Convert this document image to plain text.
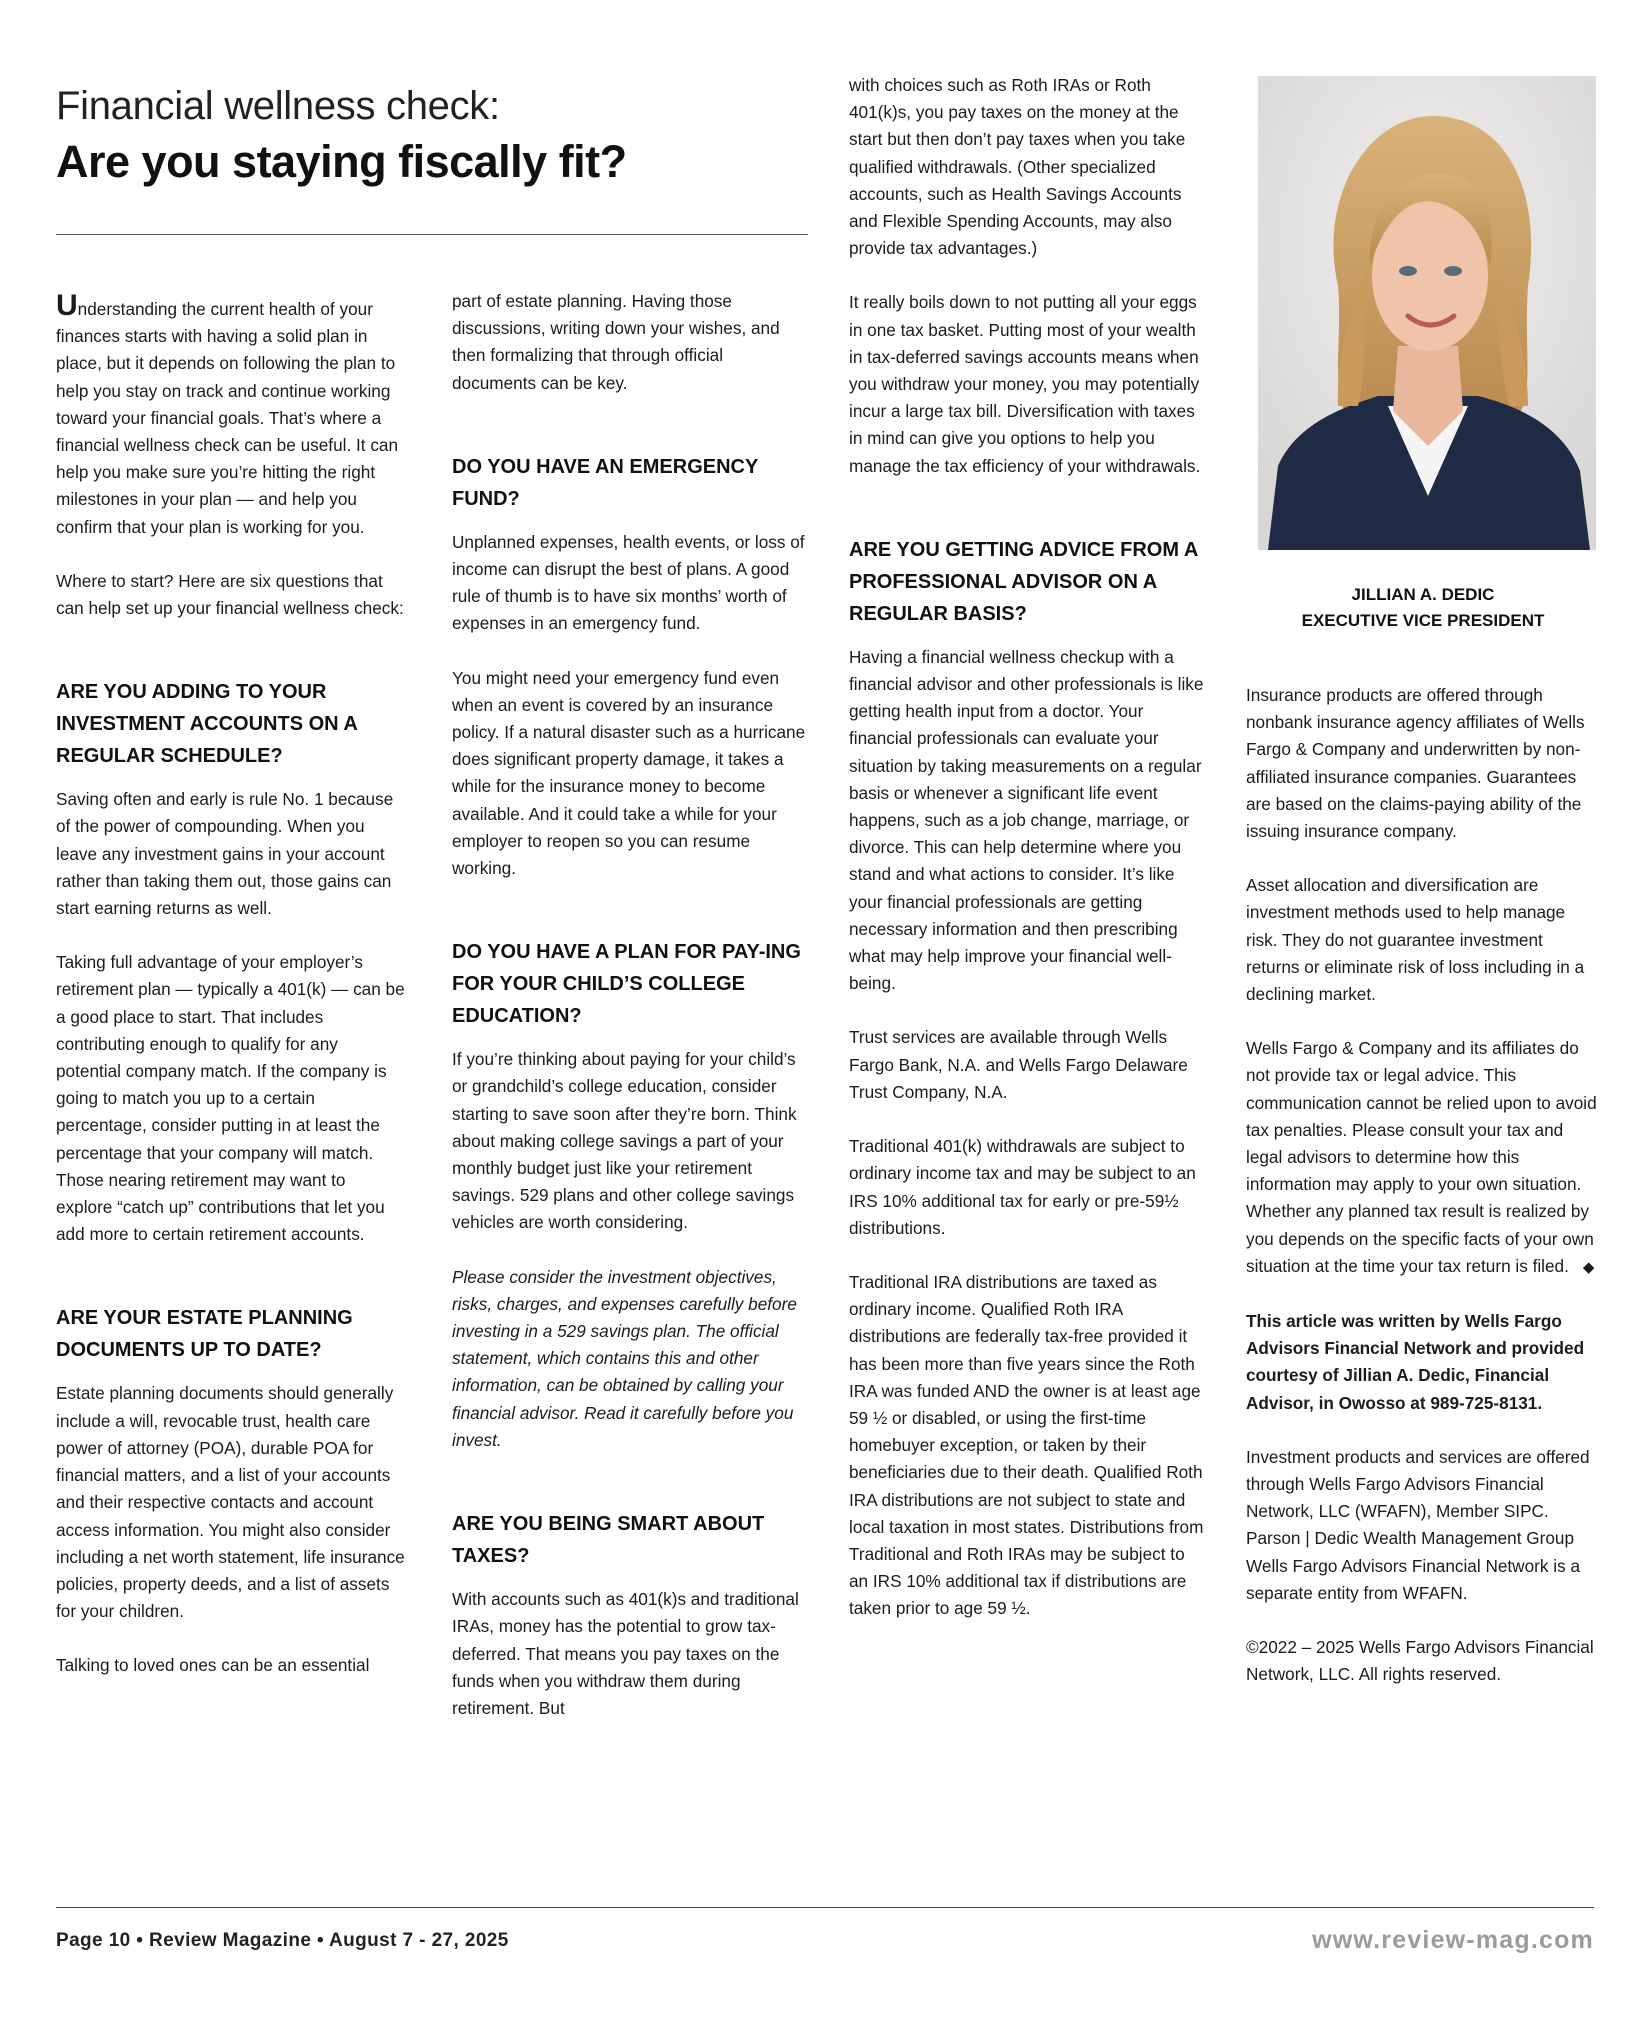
Financial wellness check:
Are you staying fiscally fit?

Understanding the current health of your finances starts with having a solid plan in place, but it depends on following the plan to help you stay on track and continue working toward your financial goals. That’s where a financial wellness check can be useful. It can help you make sure you’re hitting the right milestones in your plan — and help you confirm that your plan is working for you.

Where to start? Here are six questions that can help set up your financial wellness check:

ARE YOU ADDING TO YOUR INVESTMENT ACCOUNTS ON A REGULAR SCHEDULE?

Saving often and early is rule No. 1 because of the power of compounding. When you leave any investment gains in your account rather than taking them out, those gains can start earning returns as well.

Taking full advantage of your employer’s retirement plan — typically a 401(k) — can be a good place to start. That includes contributing enough to qualify for any potential company match. If the company is going to match you up to a certain percentage, consider putting in at least the percentage that your company will match. Those nearing retirement may want to explore “catch up” contributions that let you add more to certain retirement accounts.

ARE YOUR ESTATE PLANNING DOCUMENTS UP TO DATE?

Estate planning documents should generally include a will, revocable trust, health care power of attorney (POA), durable POA for financial matters, and a list of your accounts and their respective contacts and account access information. You might also consider including a net worth statement, life insurance policies, property deeds, and a list of assets for your children.

Talking to loved ones can be an essential

part of estate planning. Having those discussions, writing down your wishes, and then formalizing that through official documents can be key.

DO YOU HAVE AN EMERGENCY FUND?

Unplanned expenses, health events, or loss of income can disrupt the best of plans. A good rule of thumb is to have six months’ worth of expenses in an emergency fund.

You might need your emergency fund even when an event is covered by an insurance policy. If a natural disaster such as a hurricane does significant property damage, it takes a while for the insurance money to become available. And it could take a while for your employer to reopen so you can resume working.

DO YOU HAVE A PLAN FOR PAY-ING FOR YOUR CHILD’S COLLEGE EDUCATION?

If you’re thinking about paying for your child’s or grandchild’s college education, consider starting to save soon after they’re born. Think about making college savings a part of your monthly budget just like your retirement savings. 529 plans and other college savings vehicles are worth considering.

Please consider the investment objectives, risks, charges, and expenses carefully before investing in a 529 savings plan. The official statement, which contains this and other information, can be obtained by calling your financial advisor. Read it carefully before you invest.

ARE YOU BEING SMART ABOUT TAXES?

With accounts such as 401(k)s and traditional IRAs, money has the potential to grow tax-deferred. That means you pay taxes on the funds when you withdraw them during retirement. But

with choices such as Roth IRAs or Roth 401(k)s, you pay taxes on the money at the start but then don’t pay taxes when you take qualified withdrawals. (Other specialized accounts, such as Health Savings Accounts and Flexible Spending Accounts, may also provide tax advantages.)

It really boils down to not putting all your eggs in one tax basket. Putting most of your wealth in tax-deferred savings accounts means when you withdraw your money, you may potentially incur a large tax bill. Diversification with taxes in mind can give you options to help you manage the tax efficiency of your withdrawals.

ARE YOU GETTING ADVICE FROM A PROFESSIONAL ADVISOR ON A REGULAR BASIS?

Having a financial wellness checkup with a financial advisor and other professionals is like getting health input from a doctor. Your financial professionals can evaluate your situation by taking measurements on a regular basis or whenever a significant life event happens, such as a job change, marriage, or divorce. This can help determine where you stand and what actions to consider. It’s like your financial professionals are getting necessary information and then prescribing what may help improve your financial well-being.

Trust services are available through Wells Fargo Bank, N.A. and Wells Fargo Delaware Trust Company, N.A.

Traditional 401(k) withdrawals are subject to ordinary income tax and may be subject to an IRS 10% additional tax for early or pre-59½ distributions.

Traditional IRA distributions are taxed as ordinary income. Qualified Roth IRA distributions are federally tax-free provided it has been more than five years since the Roth IRA was funded AND the owner is at least age 59 ½ or disabled, or using the first-time homebuyer exception, or taken by their beneficiaries due to their death. Qualified Roth IRA distributions are not subject to state and local taxation in most states. Distributions from Traditional and Roth IRAs may be subject to an IRS 10% additional tax if distributions are taken prior to age 59 ½.

JILLIAN A. DEDIC
EXECUTIVE VICE PRESIDENT

Insurance products are offered through nonbank insurance agency affiliates of Wells Fargo & Company and underwritten by non-affiliated insurance companies. Guarantees are based on the claims-paying ability of the issuing insurance company.

Asset allocation and diversification are investment methods used to help manage risk. They do not guarantee investment returns or eliminate risk of loss including in a declining market.

Wells Fargo & Company and its affiliates do not provide tax or legal advice. This communication cannot be relied upon to avoid tax penalties. Please consult your tax and legal advisors to determine how this information may apply to your own situation. Whether any planned tax result is realized by you depends on the specific facts of your own situation at the time your tax return is filed. ◆

This article was written by Wells Fargo Advisors Financial Network and provided courtesy of Jillian A. Dedic, Financial Advisor, in Owosso at 989-725-8131.

Investment products and services are offered through Wells Fargo Advisors Financial Network, LLC (WFAFN), Member SIPC. Parson | Dedic Wealth Management Group Wells Fargo Advisors Financial Network is a separate entity from WFAFN.

©2022 – 2025 Wells Fargo Advisors Financial Network, LLC. All rights reserved.

Page 10 • Review Magazine • August 7 - 27, 2025	www.review-mag.com
